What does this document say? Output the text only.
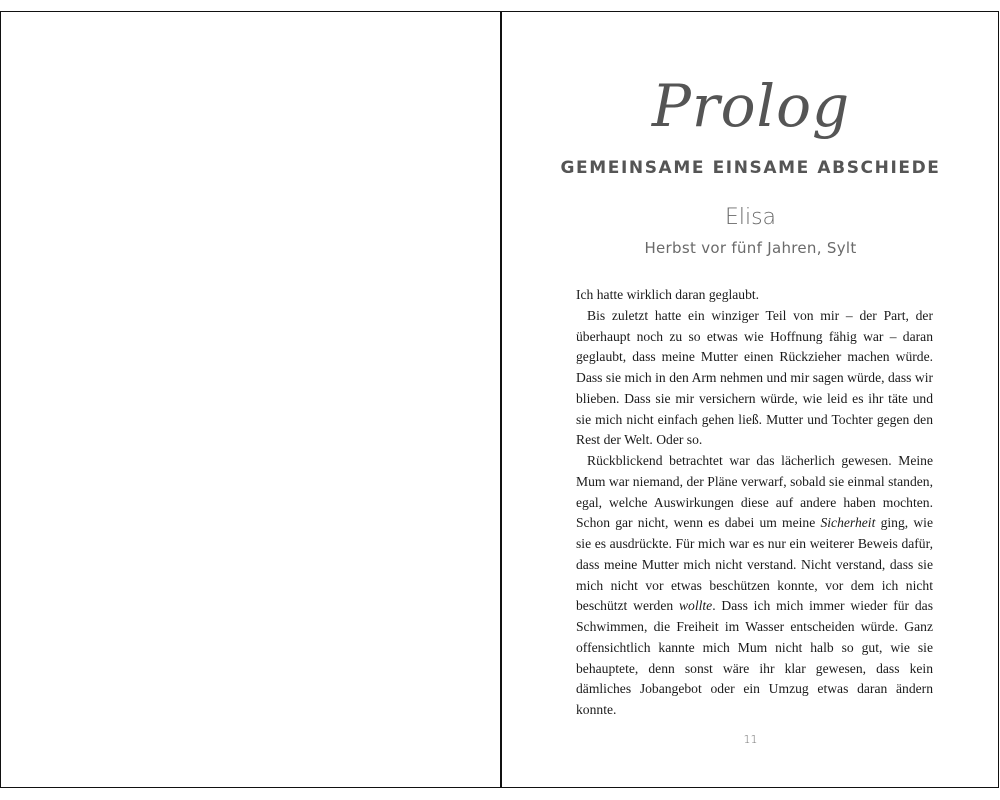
Prolog
GEMEINSAME EINSAME ABSCHIEDE
Elisa
Herbst vor fünf Jahren, Sylt

Ich hatte wirklich daran geglaubt.

Bis zuletzt hatte ein winziger Teil von mir – der Part, der überhaupt noch zu so etwas wie Hoffnung fähig war – daran geglaubt, dass meine Mutter einen Rückzieher machen würde. Dass sie mich in den Arm nehmen und mir sagen würde, dass wir blieben. Dass sie mir versichern würde, wie leid es ihr täte und sie mich nicht einfach gehen ließ. Mutter und Tochter gegen den Rest der Welt. Oder so.

Rückblickend betrachtet war das lächerlich gewesen. Meine Mum war niemand, der Pläne verwarf, sobald sie einmal standen, egal, welche Auswirkungen diese auf andere haben mochten. Schon gar nicht, wenn es dabei um meine Sicherheit ging, wie sie es ausdrückte. Für mich war es nur ein weiterer Beweis dafür, dass meine Mutter mich nicht verstand. Nicht verstand, dass sie mich nicht vor etwas beschützen konnte, vor dem ich nicht beschützt werden wollte. Dass ich mich immer wieder für das Schwimmen, die Freiheit im Wasser entscheiden würde. Ganz offensichtlich kannte mich Mum nicht halb so gut, wie sie behauptete, denn sonst wäre ihr klar gewesen, dass kein dämliches Jobangebot oder ein Umzug etwas daran ändern konnte.

11
